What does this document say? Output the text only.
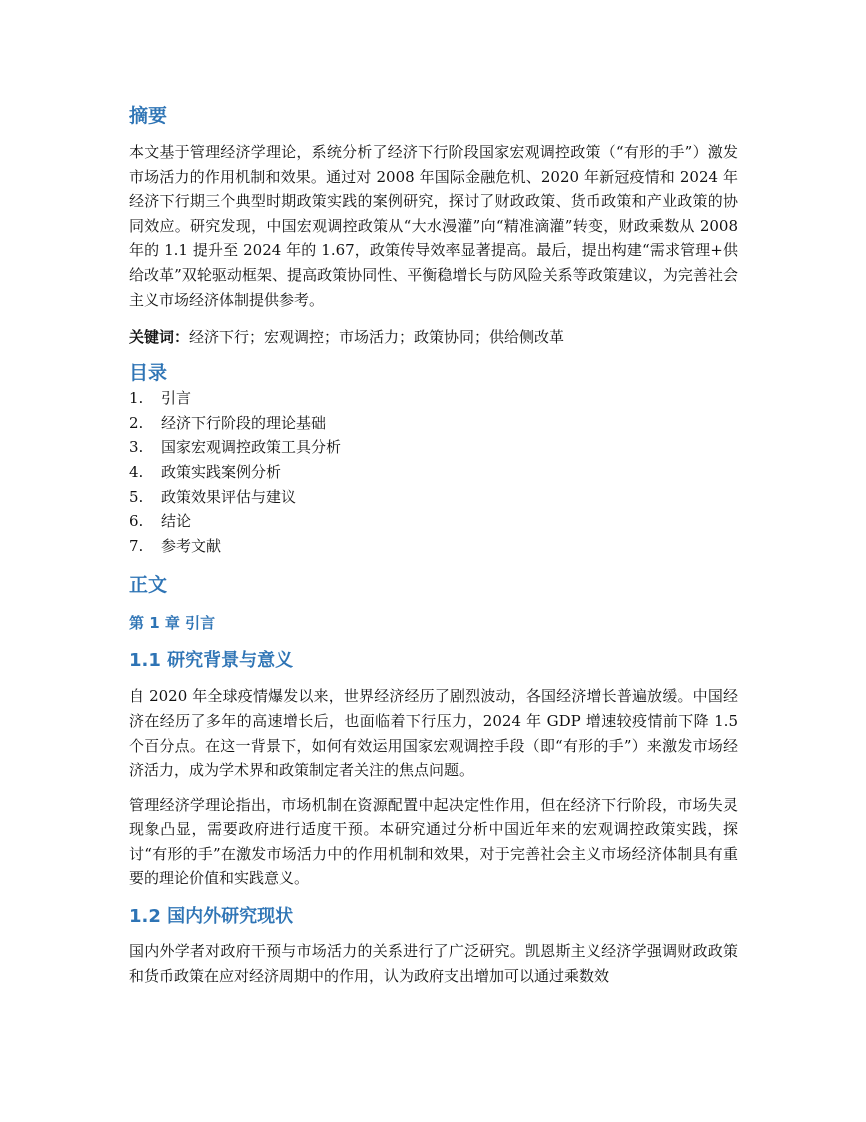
摘要

本文基于管理经济学理论，系统分析了经济下行阶段国家宏观调控政策（“有形的手”）激发市场活力的作用机制和效果。通过对 2008 年国际金融危机、2020 年新冠疫情和 2024 年经济下行期三个典型时期政策实践的案例研究，探讨了财政政策、货币政策和产业政策的协同效应。研究发现，中国宏观调控政策从“大水漫灌”向“精准滴灌”转变，财政乘数从 2008 年的 1.1 提升至 2024 年的 1.67，政策传导效率显著提高。最后，提出构建“需求管理+供给改革”双轮驱动框架、提高政策协同性、平衡稳增长与防风险关系等政策建议，为完善社会主义市场经济体制提供参考。

关键词：经济下行；宏观调控；市场活力；政策协同；供给侧改革

目录
1.	引言
2.	经济下行阶段的理论基础
3.	国家宏观调控政策工具分析
4.	政策实践案例分析
5.	政策效果评估与建议
6.	结论
7.	参考文献
正文
第 1 章 引言
1.1 研究背景与意义

自 2020 年全球疫情爆发以来，世界经济经历了剧烈波动，各国经济增长普遍放缓。中国经济在经历了多年的高速增长后，也面临着下行压力，2024 年 GDP 增速较疫情前下降 1.5 个百分点。在这一背景下，如何有效运用国家宏观调控手段（即“有形的手”）来激发市场经济活力，成为学术界和政策制定者关注的焦点问题。

管理经济学理论指出，市场机制在资源配置中起决定性作用，但在经济下行阶段，市场失灵现象凸显，需要政府进行适度干预。本研究通过分析中国近年来的宏观调控政策实践，探讨“有形的手”在激发市场活力中的作用机制和效果，对于完善社会主义市场经济体制具有重要的理论价值和实践意义。

1.2 国内外研究现状

国内外学者对政府干预与市场活力的关系进行了广泛研究。凯恩斯主义经济学强调财政政策和货币政策在应对经济周期中的作用，认为政府支出增加可以通过乘数效
